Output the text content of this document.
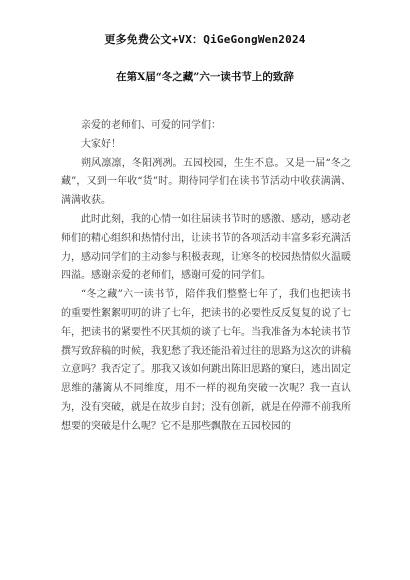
更多免费公文+VX：QiGeGongWen2024
在第X届“冬之藏”六一读书节上的致辞

亲爱的老师们、可爱的同学们：

大家好！

朔风凛凛，冬阳冽冽。五园校园，生生不息。又是一届“冬之藏”，又到一年收“货”时。期待同学们在读书节活动中收获满满、满满收获。

此时此刻，我的心情一如往届读书节时的感激、感动，感动老师们的精心组织和热情付出，让读书节的各项活动丰富多彩充满活力，感动同学们的主动参与积极表现，让寒冬的校园热情似火温暖四溢。感谢亲爱的老师们，感谢可爱的同学们。

“冬之藏”六一读书节，陪伴我们整整七年了，我们也把读书的重要性絮絮叨叨的讲了七年，把读书的必要性反反复复的说了七年，把读书的紧要性不厌其烦的谈了七年。当我准备为本轮读书节撰写致辞稿的时候，我犯愁了我还能沿着过往的思路为这次的讲稿立意吗？我否定了。那我又该如何跳出陈旧思路的窠臼，逃出固定思维的藩篱从不同维度，用不一样的视角突破一次呢？我一直认为，没有突破，就是在故步自封；没有创新，就是在停滞不前我所想要的突破是什么呢？它不是那些飘散在五园校园的
